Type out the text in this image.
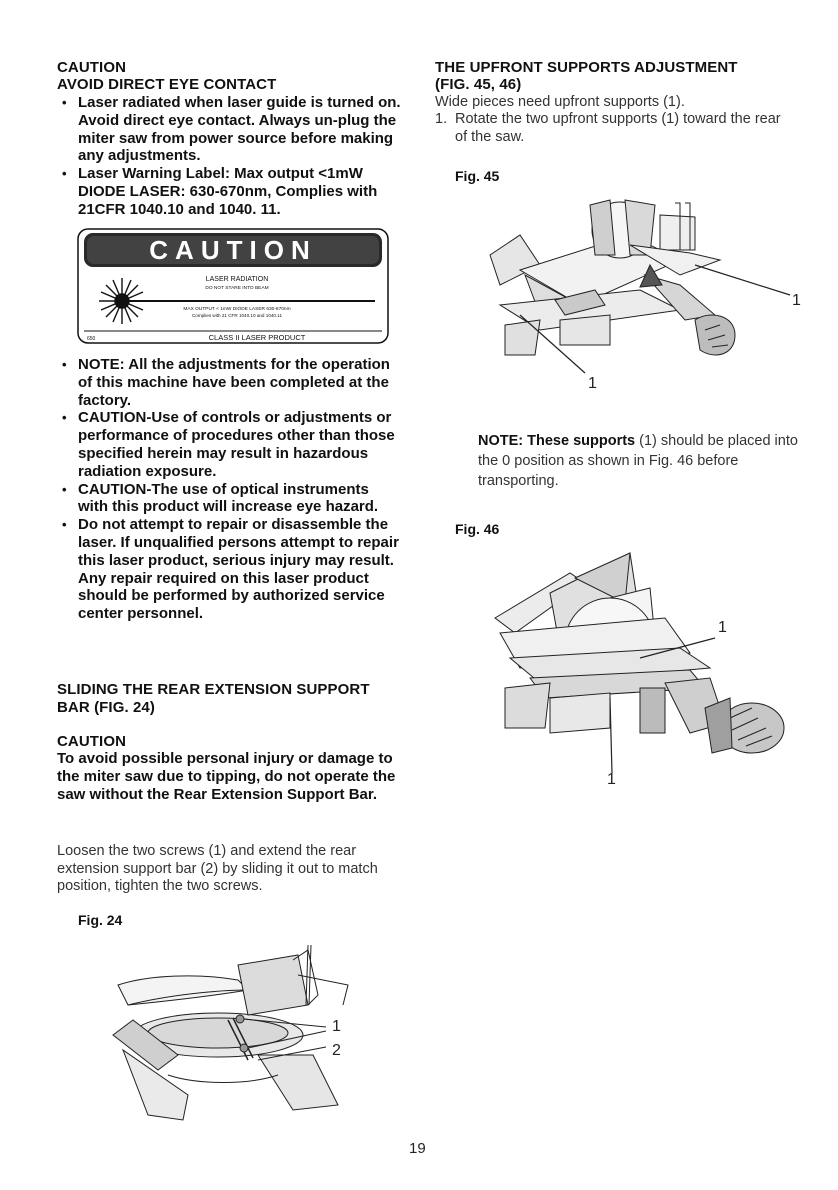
CAUTION
AVOID DIRECT EYE CONTACT
• Laser radiated when laser guide is turned on. Avoid direct eye contact. Always un-plug the miter saw from power source before making any adjustments.
• Laser Warning Label: Max output <1mW DIODE LASER: 630-670nm, Complies with 21CFR 1040.10 and 1040. 11.
CAUTION
LASER RADIATION
DO NOT STARE INTO BEAM
MAX OUTPUT < 1mW DIODE LASER 630-670nm
Complies with 21 CFR 1040.10 and 1040.11
CLASS II LASER PRODUCT
650
• NOTE: All the adjustments for the operation of this machine have been completed at the factory.
• CAUTION-Use of controls or adjustments or performance of procedures other than those specified herein may result in hazardous radiation exposure.
• CAUTION-The use of optical instruments with this product will increase eye hazard.
• Do not attempt to repair or disassemble the laser. If unqualified persons attempt to repair this laser product, serious injury may result. Any repair required on this laser product should be performed by authorized service center personnel.
SLIDING THE REAR EXTENSION SUPPORT BAR (FIG. 24)
CAUTION
To avoid possible personal injury or damage to the miter saw due to tipping, do not operate the saw without the Rear Extension Support Bar.
Loosen the two screws (1) and extend the rear extension support bar (2) by sliding it out to match position, tighten the two screws.
Fig. 24
1
2
THE UPFRONT SUPPORTS ADJUSTMENT
(FIG. 45, 46)
Wide pieces need upfront supports (1).
1. Rotate the two upfront supports (1) toward the rear of the saw.
Fig. 45
1
1
NOTE: These supports (1) should be placed into the 0 position as shown in Fig. 46 before transporting.
Fig. 46
1
1
19
